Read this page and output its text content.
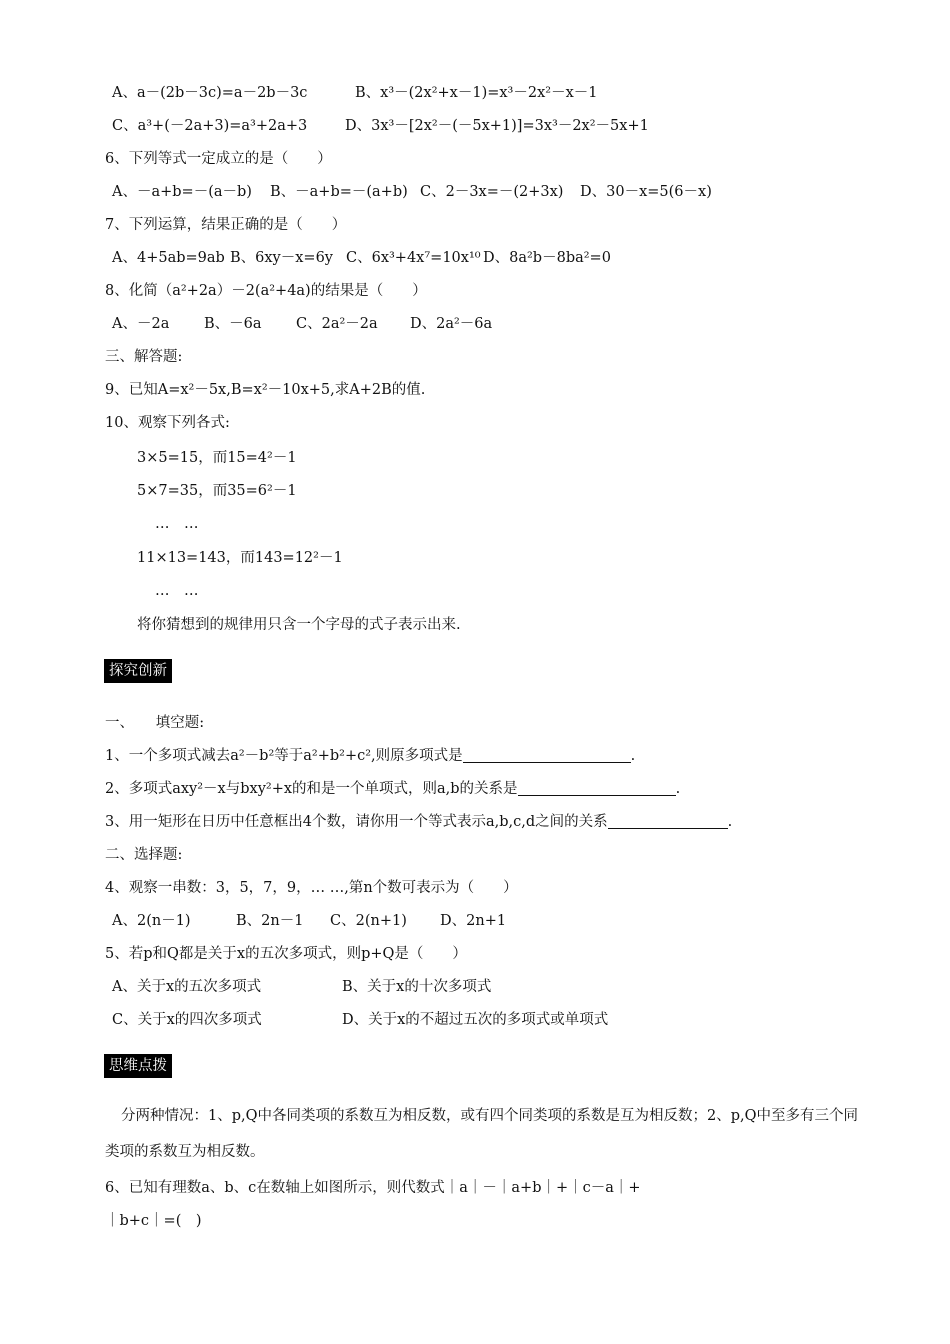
A、a－(2b－3c)=a－2b－3c	B、x³－(2x²+x－1)=x³－2x²－x－1
C、a³+(－2a+3)=a³+2a+3	D、3x³－[2x²－(－5x+1)]=3x³－2x²－5x+1
6、下列等式一定成立的是（　　）
A、－a+b=－(a－b) B、－a+b=－(a+b) C、2－3x=－(2+3x) D、30－x=5(6－x)
7、下列运算，结果正确的是（　　）
A、4+5ab=9ab B、6xy－x=6y C、6x³+4x⁷=10x¹⁰ D、8a²b－8ba²=0
8、化简（a²+2a）－2(a²+4a)的结果是（　　）
A、－2a B、－6a C、2a²－2a D、2a²－6a
三、解答题:
9、已知A=x²－5x,B=x²－10x+5,求A+2B的值.
10、观察下列各式:
3×5=15，而15=4²－1
5×7=35，而35=6²－1
…　…
11×13=143，而143=12²－1
…　…
将你猜想到的规律用只含一个字母的式子表示出来.
探究创新
一、　　填空题:
1、一个多项式减去a²－b²等于a²+b²+c²,则原多项式是	.
2、多项式axy²－x与bxy²+x的和是一个单项式，则a,b的关系是	.
3、用一矩形在日历中任意框出4个数，请你用一个等式表示a,b,c,d之间的关系	.
二、选择题:
4、观察一串数：3，5，7，9，… …,第n个数可表示为（　　）
A、2(n－1)	B、2n－1 C、2(n+1) D、2n+1
5、若p和Q都是关于x的五次多项式，则p+Q是（　　）
A、关于x的五次多项式	B、关于x的十次多项式
C、关于x的四次多项式	D、关于x的不超过五次的多项式或单项式
思维点拨
分两种情况：1、p,Q中各同类项的系数互为相反数，或有四个同类项的系数是互为相反数；2、p,Q中至多有三个同类项的系数互为相反数。
6、已知有理数a、b、c在数轴上如图所示，则代数式｜a｜－｜a+b｜+｜c－a｜+
｜b+c｜=(　)
